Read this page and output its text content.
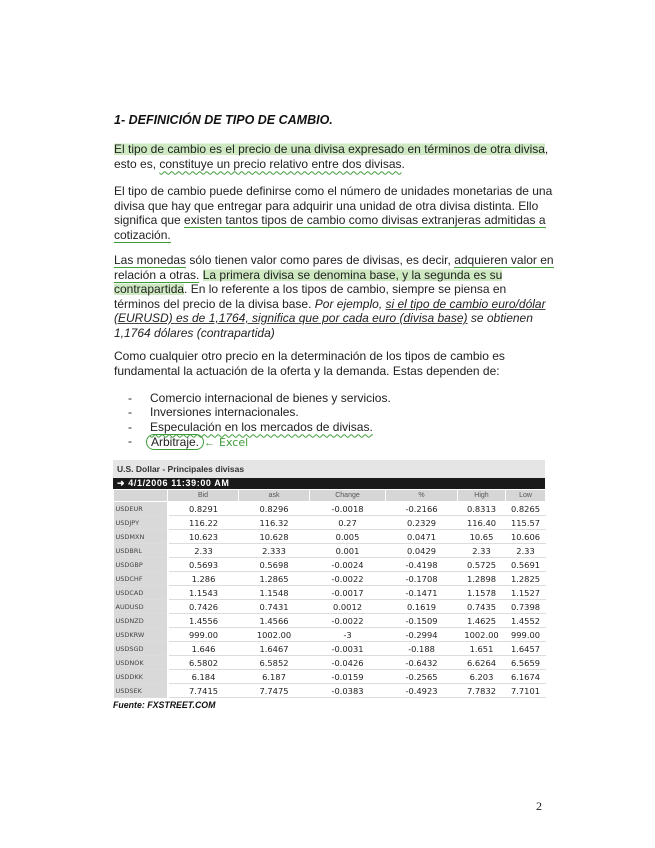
1- DEFINICIÓN DE TIPO DE CAMBIO.
El tipo de cambio es el precio de una divisa expresado en términos de otra divisa, esto es, constituye un precio relativo entre dos divisas.
El tipo de cambio puede definirse como el número de unidades monetarias de una divisa que hay que entregar para adquirir una unidad de otra divisa distinta. Ello significa que existen tantos tipos de cambio como divisas extranjeras admitidas a cotización.
Las monedas sólo tienen valor como pares de divisas, es decir, adquieren valor en relación a otras. La primera divisa se denomina base, y la segunda es su contrapartida. En lo referente a los tipos de cambio, siempre se piensa en términos del precio de la divisa base. Por ejemplo, si el tipo de cambio euro/dólar (EURUSD) es de 1,1764, significa que por cada euro (divisa base) se obtienen 1,1764 dólares (contrapartida)
Como cualquier otro precio en la determinación de los tipos de cambio es fundamental la actuación de la oferta y la demanda. Estas dependen de:
- Comercio internacional de bienes y servicios.
- Inversiones internacionales.
- Especulación en los mercados de divisas.
- Arbitraje. ← Excel
U.S. Dollar - Principales divisas
➜ 4/1/2006 11:39:00 AM
	Bid	ask	Change	%	High	Low
USDEUR	0.8291	0.8296	-0.0018	-0.2166	0.8313	0.8265
USDJPY	116.22	116.32	0.27	0.2329	116.40	115.57
USDMXN	10.623	10.628	0.005	0.0471	10.65	10.606
USDBRL	2.33	2.333	0.001	0.0429	2.33	2.33
USDGBP	0.5693	0.5698	-0.0024	-0.4198	0.5725	0.5691
USDCHF	1.286	1.2865	-0.0022	-0.1708	1.2898	1.2825
USDCAD	1.1543	1.1548	-0.0017	-0.1471	1.1578	1.1527
AUDUSD	0.7426	0.7431	0.0012	0.1619	0.7435	0.7398
USDNZD	1.4556	1.4566	-0.0022	-0.1509	1.4625	1.4552
USDKRW	999.00	1002.00	-3	-0.2994	1002.00	999.00
USDSGD	1.646	1.6467	-0.0031	-0.188	1.651	1.6457
USDNOK	6.5802	6.5852	-0.0426	-0.6432	6.6264	6.5659
USDDKK	6.184	6.187	-0.0159	-0.2565	6.203	6.1674
USDSEK	7.7415	7.7475	-0.0383	-0.4923	7.7832	7.7101
Fuente: FXSTREET.COM
2
